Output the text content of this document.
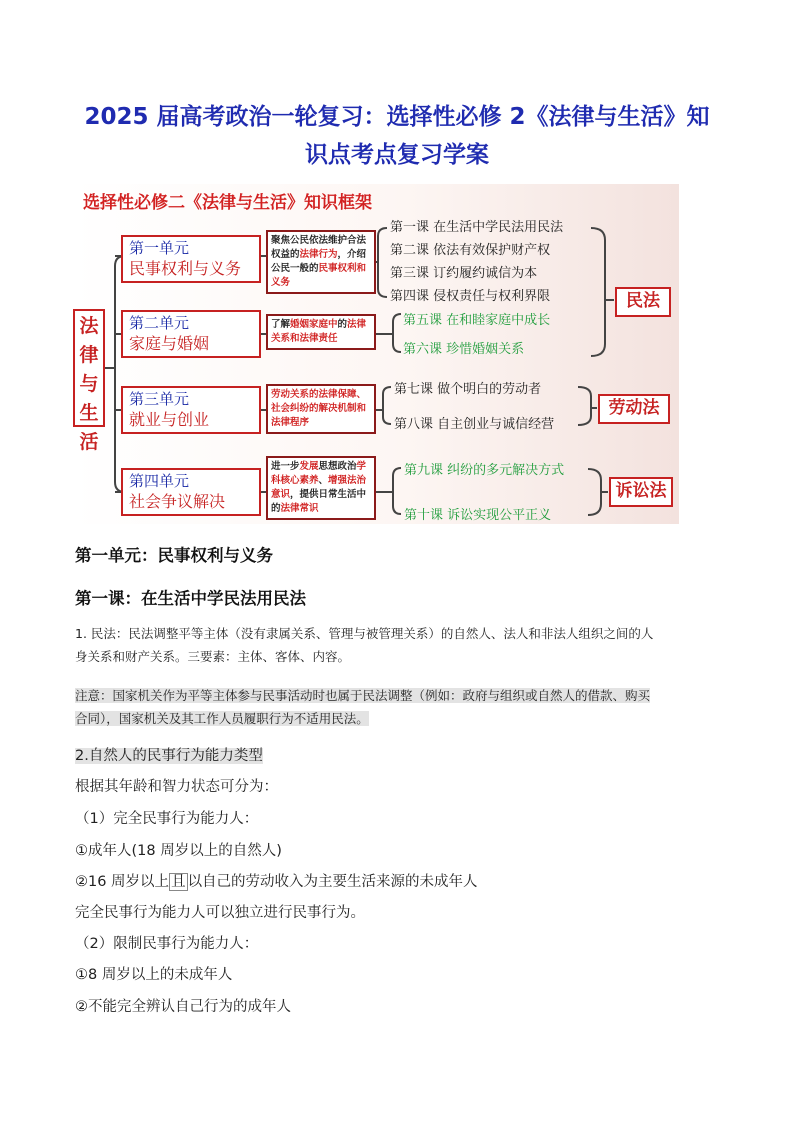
2025 届高考政治一轮复习：选择性必修 2《法律与生活》知
识点考点复习学案
选择性必修二《法律与生活》知识框架
法
律
与
生
活
第一单元
民事权利与义务
第二单元
家庭与婚姻
第三单元
就业与创业
第四单元
社会争议解决
聚焦公民依法维护合法权益的法律行为，介绍公民一般的民事权利和义务
了解婚姻家庭中的法律关系和法律责任
劳动关系的法律保障、社会纠纷的解决机制和法律程序
进一步发展思想政治学科核心素养、增强法治意识，提供日常生活中的法律常识
第一课 在生活中学民法用民法
第二课 依法有效保护财产权
第三课 订约履约诚信为本
第四课 侵权责任与权利界限
第五课 在和睦家庭中成长
第六课 珍惜婚姻关系
第七课 做个明白的劳动者
第八课 自主创业与诚信经营
第九课 纠纷的多元解决方式
第十课 诉讼实现公平正义
民法
劳动法
诉讼法
第一单元：民事权利与义务
第一课：在生活中学民法用民法
1. 民法：民法调整平等主体（没有隶属关系、管理与被管理关系）的自然人、法人和非法人组织之间的人
身关系和财产关系。三要素：主体、客体、内容。
注意：国家机关作为平等主体参与民事活动时也属于民法调整（例如：政府与组织或自然人的借款、购买
合同），国家机关及其工作人员履职行为不适用民法。
2.自然人的民事行为能力类型
根据其年龄和智力状态可分为：
（1）完全民事行为能力人：
①成年人(18 周岁以上的自然人)
②16 周岁以上 且 以自己的劳动收入为主要生活来源的未成年人
完全民事行为能力人可以独立进行民事行为。
（2）限制民事行为能力人：
①8 周岁以上的未成年人
②不能完全辨认自己行为的成年人
